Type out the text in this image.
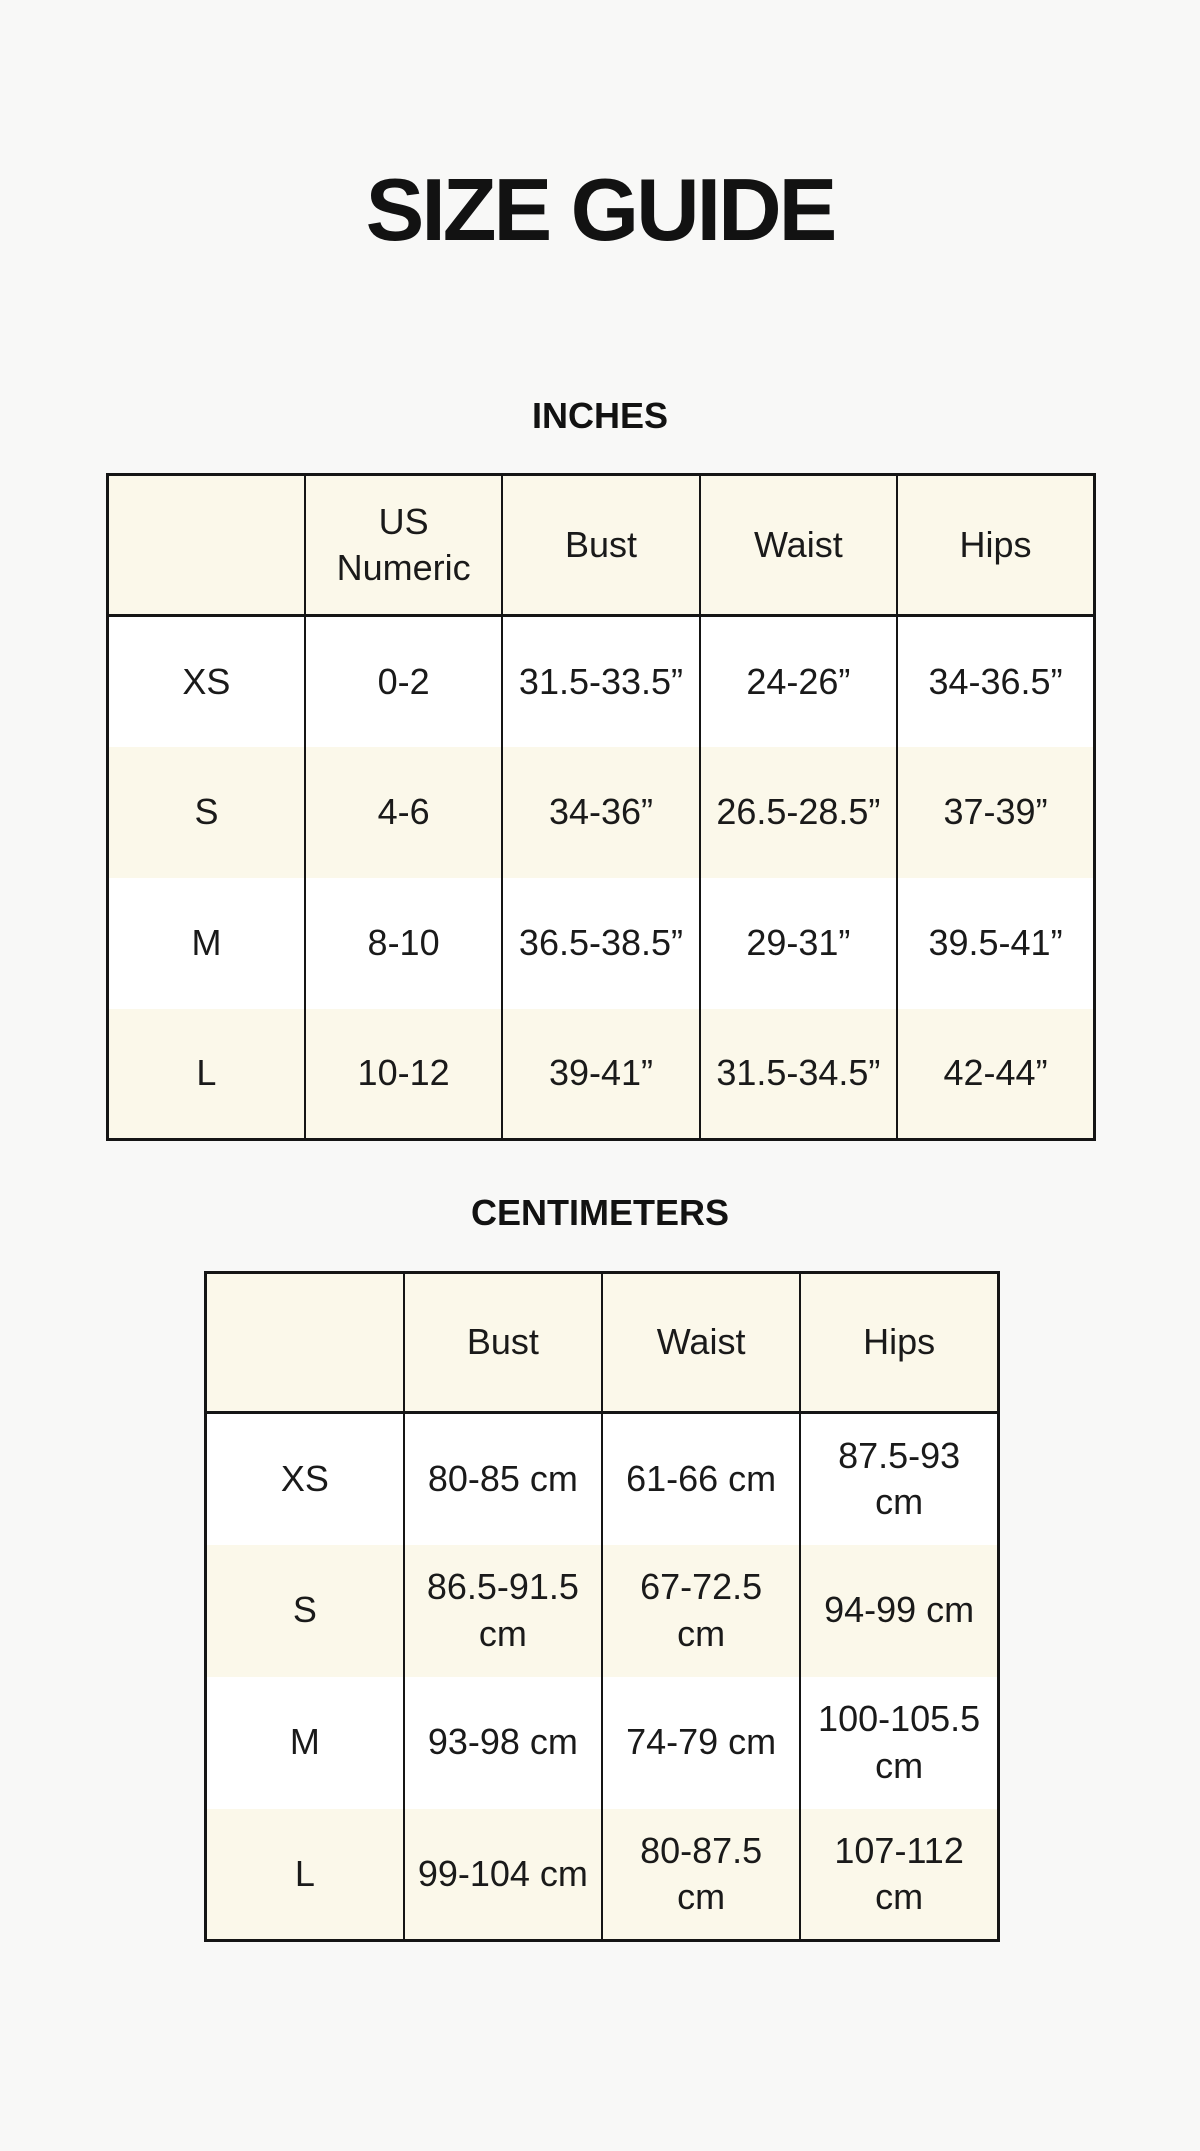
SIZE GUIDE
INCHES
	US Numeric	Bust	Waist	Hips
XS	0-2	31.5-33.5”	24-26”	34-36.5”
S	4-6	34-36”	26.5-28.5”	37-39”
M	8-10	36.5-38.5”	29-31”	39.5-41”
L	10-12	39-41”	31.5-34.5”	42-44”
CENTIMETERS
	Bust	Waist	Hips
XS	80-85 cm	61-66 cm	87.5-93 cm
S	86.5-91.5 cm	67-72.5 cm	94-99 cm
M	93-98 cm	74-79 cm	100-105.5 cm
L	99-104 cm	80-87.5 cm	107-112 cm
